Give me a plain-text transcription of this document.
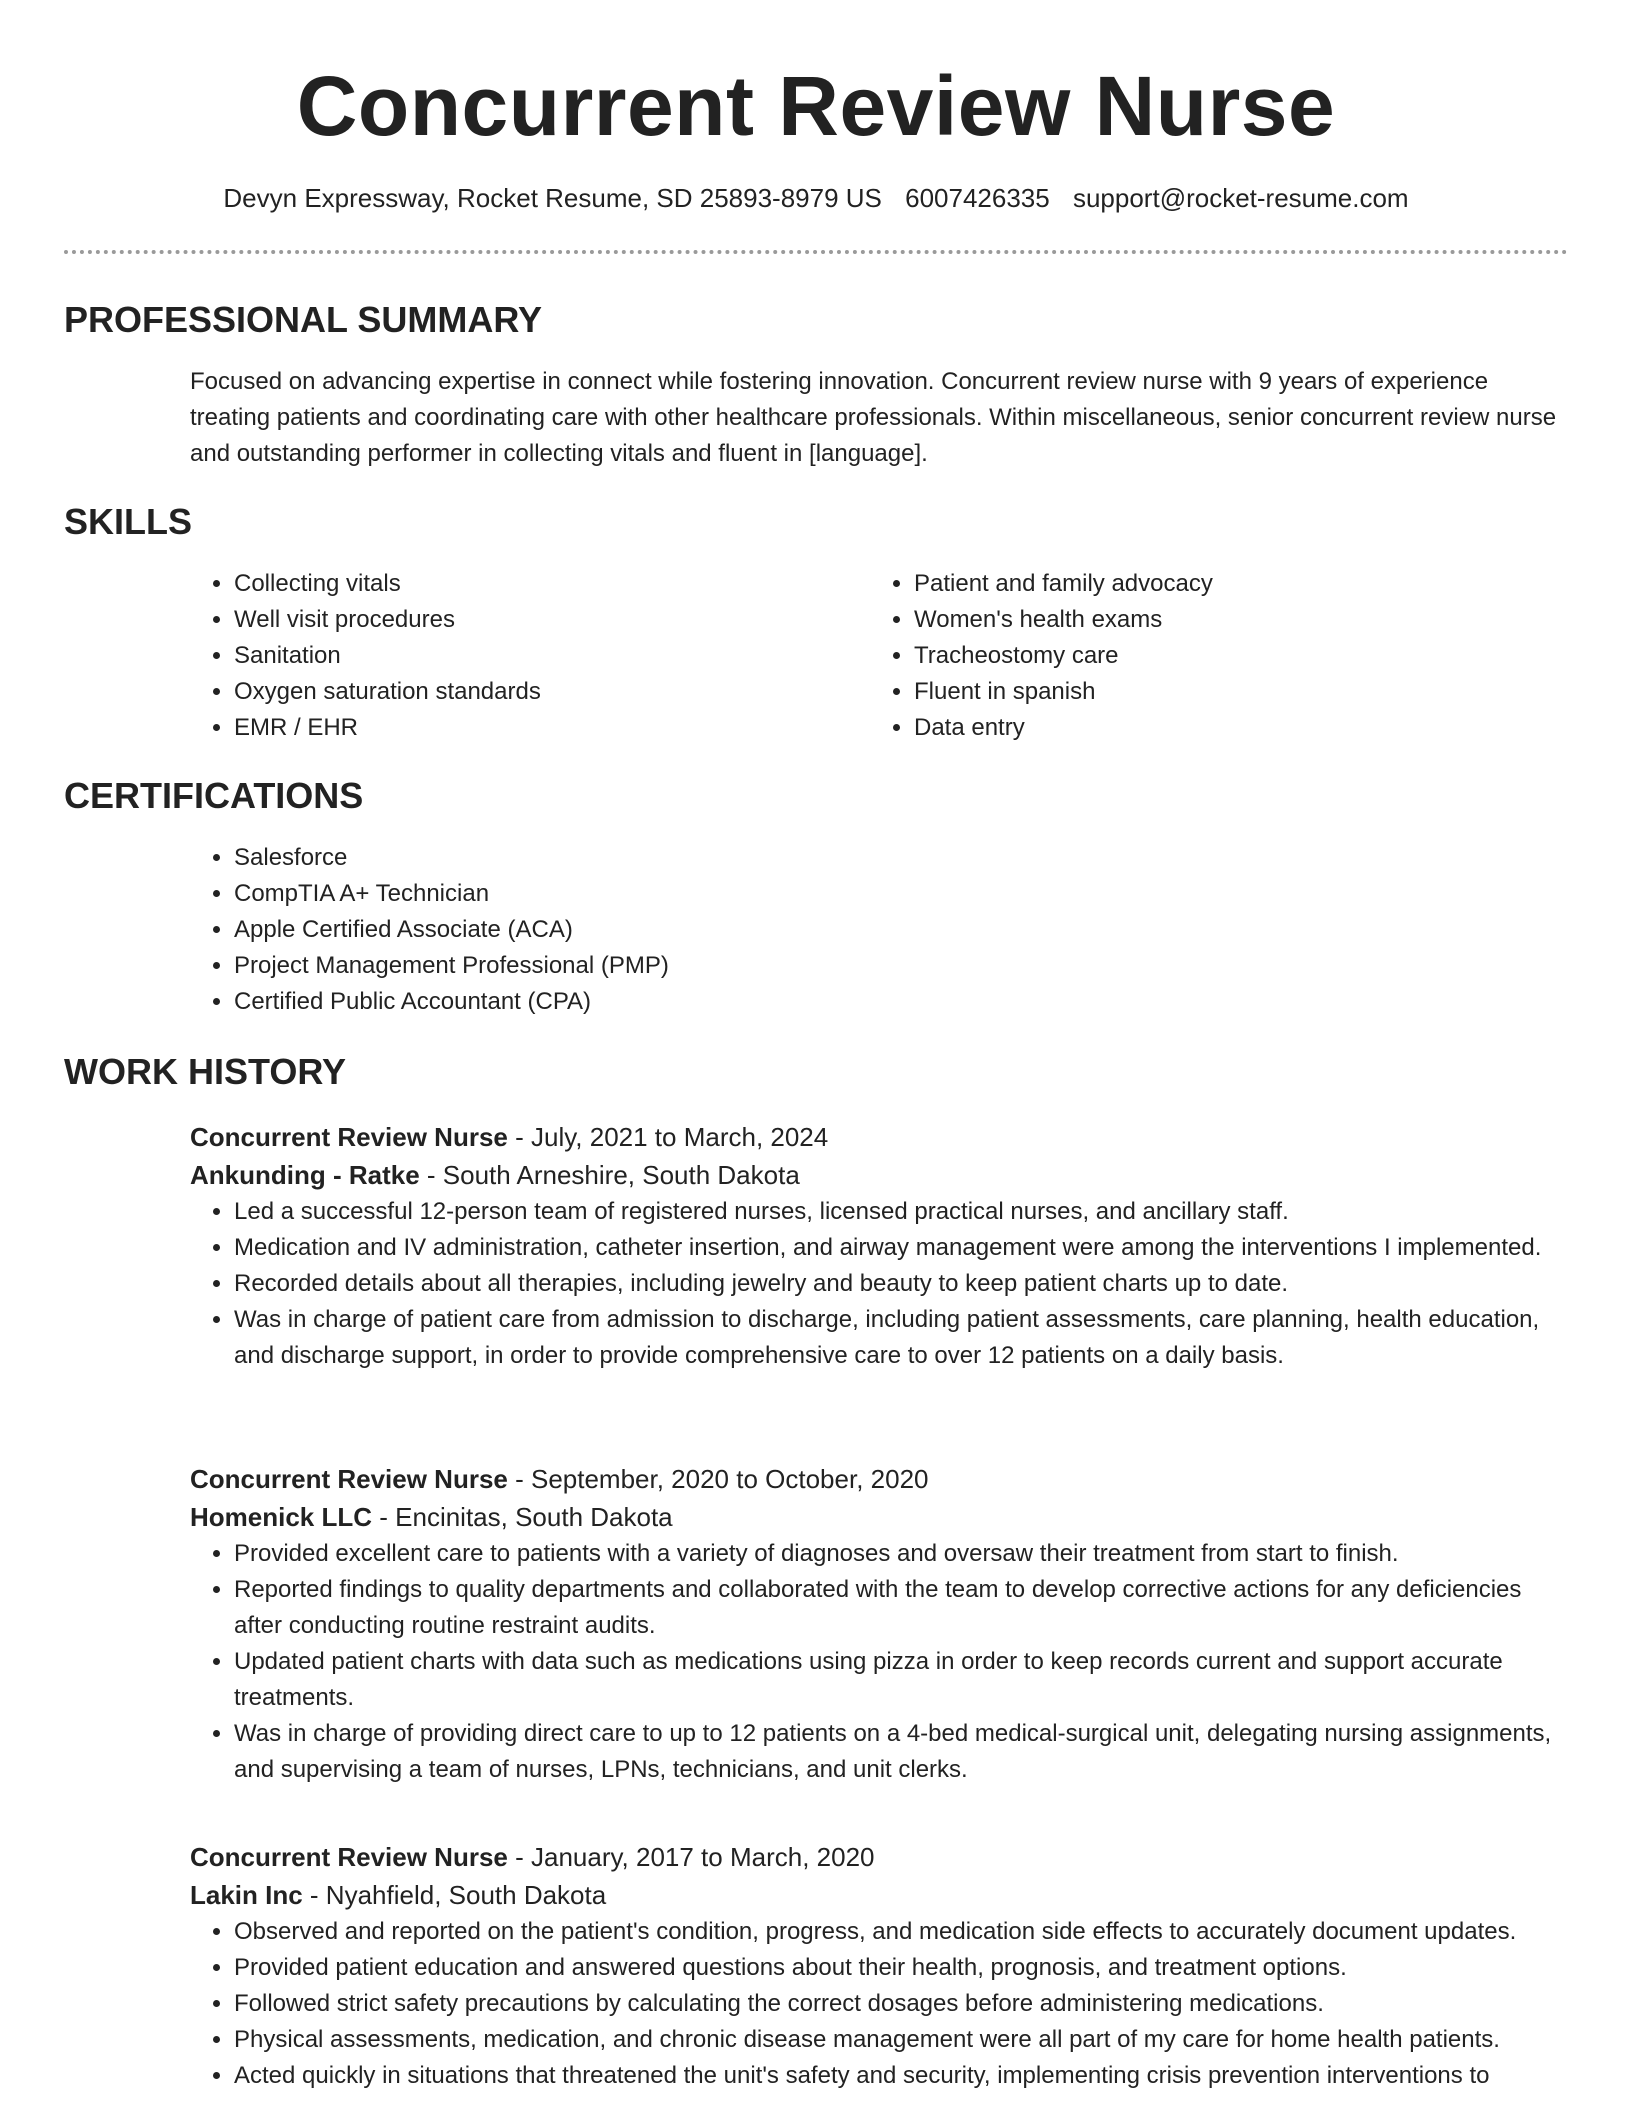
Concurrent Review Nurse
Devyn Expressway, Rocket Resume, SD 25893-8979 US 6007426335 support@rocket-resume.com
PROFESSIONAL SUMMARY

Focused on advancing expertise in connect while fostering innovation. Concurrent review nurse with 9 years of experience treating patients and coordinating care with other healthcare professionals. Within miscellaneous, senior concurrent review nurse and outstanding performer in collecting vitals and fluent in [language].

SKILLS
• Collecting vitals
• Well visit procedures
• Sanitation
• Oxygen saturation standards
• EMR / EHR
• Patient and family advocacy
• Women's health exams
• Tracheostomy care
• Fluent in spanish
• Data entry
CERTIFICATIONS
• Salesforce
• CompTIA A+ Technician
• Apple Certified Associate (ACA)
• Project Management Professional (PMP)
• Certified Public Accountant (CPA)
WORK HISTORY

Concurrent Review Nurse - July, 2021 to March, 2024

Ankunding - Ratke - South Arneshire, South Dakota

• Led a successful 12-person team of registered nurses, licensed practical nurses, and ancillary staff.
• Medication and IV administration, catheter insertion, and airway management were among the interventions I implemented.
• Recorded details about all therapies, including jewelry and beauty to keep patient charts up to date.
• Was in charge of patient care from admission to discharge, including patient assessments, care planning, health education, and discharge support, in order to provide comprehensive care to over 12 patients on a daily basis.

Concurrent Review Nurse - September, 2020 to October, 2020

Homenick LLC - Encinitas, South Dakota

• Provided excellent care to patients with a variety of diagnoses and oversaw their treatment from start to finish.
• Reported findings to quality departments and collaborated with the team to develop corrective actions for any deficiencies after conducting routine restraint audits.
• Updated patient charts with data such as medications using pizza in order to keep records current and support accurate treatments.
• Was in charge of providing direct care to up to 12 patients on a 4-bed medical-surgical unit, delegating nursing assignments, and supervising a team of nurses, LPNs, technicians, and unit clerks.

Concurrent Review Nurse - January, 2017 to March, 2020

Lakin Inc - Nyahfield, South Dakota

• Observed and reported on the patient's condition, progress, and medication side effects to accurately document updates.
• Provided patient education and answered questions about their health, prognosis, and treatment options.
• Followed strict safety precautions by calculating the correct dosages before administering medications.
• Physical assessments, medication, and chronic disease management were all part of my care for home health patients.
• Acted quickly in situations that threatened the unit's safety and security, implementing crisis prevention interventions to
